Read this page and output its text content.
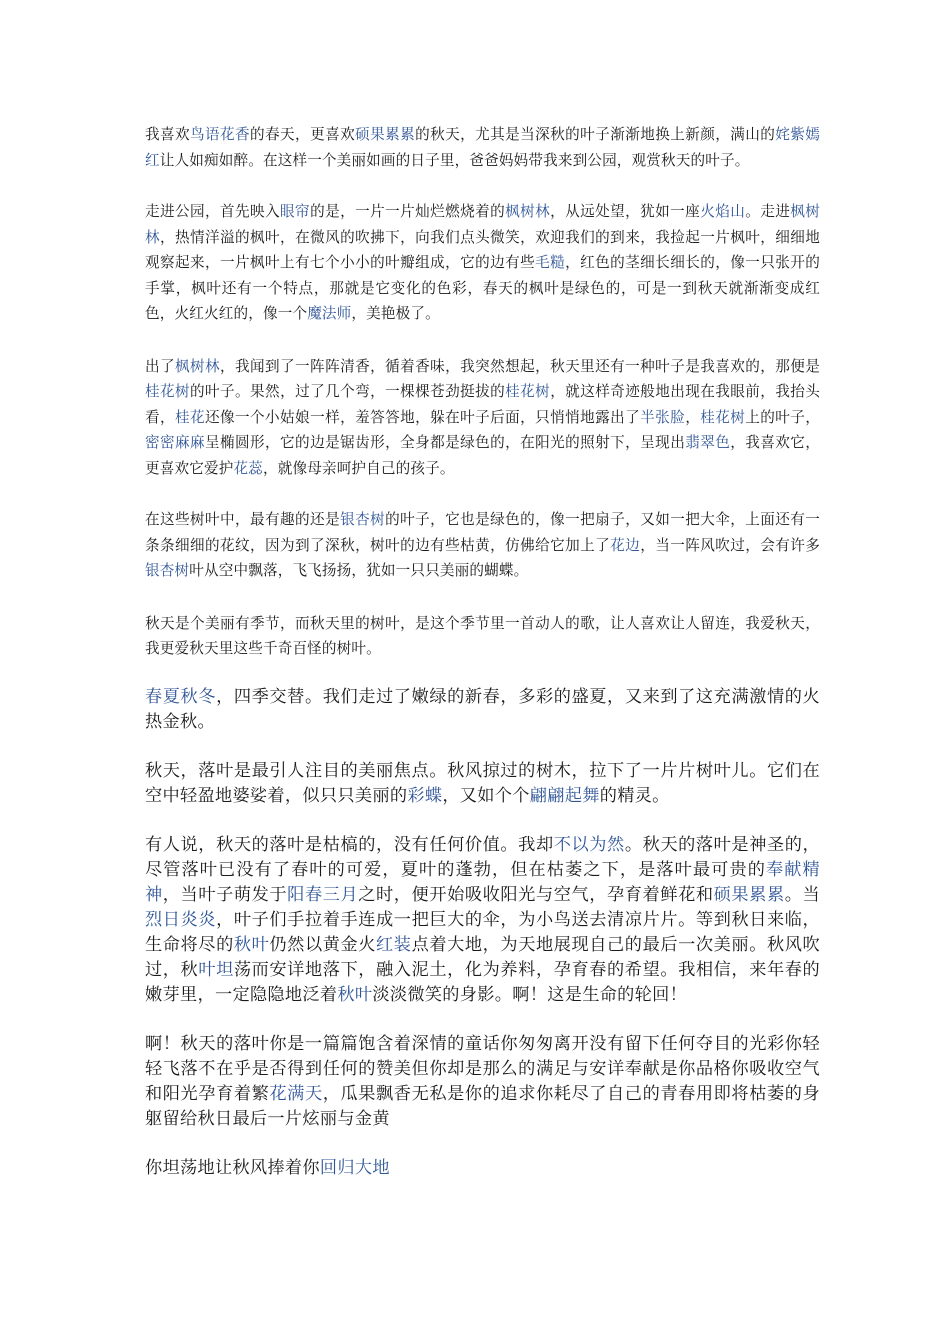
我喜欢鸟语花香的春天，更喜欢硕果累累的秋天，尤其是当深秋的叶子渐渐地换上新颜，满山的姹紫嫣红让人如痴如醉。在这样一个美丽如画的日子里，爸爸妈妈带我来到公园，观赏秋天的叶子。
走进公园，首先映入眼帘的是，一片一片灿烂燃烧着的枫树林，从远处望，犹如一座火焰山。走进枫树林，热情洋溢的枫叶，在微风的吹拂下，向我们点头微笑，欢迎我们的到来，我捡起一片枫叶，细细地观察起来，一片枫叶上有七个小小的叶瓣组成，它的边有些毛糙，红色的茎细长细长的，像一只张开的手掌，枫叶还有一个特点，那就是它变化的色彩，春天的枫叶是绿色的，可是一到秋天就渐渐变成红色，火红火红的，像一个魔法师，美艳极了。
出了枫树林，我闻到了一阵阵清香，循着香味，我突然想起，秋天里还有一种叶子是我喜欢的，那便是桂花树的叶子。果然，过了几个弯，一棵棵苍劲挺拔的桂花树，就这样奇迹般地出现在我眼前，我抬头看，桂花还像一个小姑娘一样，羞答答地，躲在叶子后面，只悄悄地露出了半张脸，桂花树上的叶子，密密麻麻呈椭圆形，它的边是锯齿形，全身都是绿色的，在阳光的照射下，呈现出翡翠色，我喜欢它，更喜欢它爱护花蕊，就像母亲呵护自己的孩子。
在这些树叶中，最有趣的还是银杏树的叶子，它也是绿色的，像一把扇子，又如一把大伞，上面还有一条条细细的花纹，因为到了深秋，树叶的边有些枯黄，仿佛给它加上了花边，当一阵风吹过，会有许多银杏树叶从空中飘落，飞飞扬扬，犹如一只只美丽的蝴蝶。
秋天是个美丽有季节，而秋天里的树叶，是这个季节里一首动人的歌，让人喜欢让人留连，我爱秋天，我更爱秋天里这些千奇百怪的树叶。
春夏秋冬，四季交替。我们走过了嫩绿的新春，多彩的盛夏，又来到了这充满激情的火热金秋。
秋天，落叶是最引人注目的美丽焦点。秋风掠过的树木，拉下了一片片树叶儿。它们在空中轻盈地婆娑着，似只只美丽的彩蝶，又如个个翩翩起舞的精灵。
有人说，秋天的落叶是枯槁的，没有任何价值。我却不以为然。秋天的落叶是神圣的，尽管落叶已没有了春叶的可爱，夏叶的蓬勃，但在枯萎之下，是落叶最可贵的奉献精神，当叶子萌发于阳春三月之时，便开始吸收阳光与空气，孕育着鲜花和硕果累累。当烈日炎炎，叶子们手拉着手连成一把巨大的伞，为小鸟送去清凉片片。等到秋日来临，生命将尽的秋叶仍然以黄金火红装点着大地，为天地展现自己的最后一次美丽。秋风吹过，秋叶坦荡而安详地落下，融入泥土，化为养料，孕育春的希望。我相信，来年春的嫩芽里，一定隐隐地泛着秋叶淡淡微笑的身影。啊！这是生命的轮回！
啊！秋天的落叶你是一篇篇饱含着深情的童话你匆匆离开没有留下任何夺目的光彩你轻轻飞落不在乎是否得到任何的赞美但你却是那么的满足与安详奉献是你品格你吸收空气和阳光孕育着繁花满天，瓜果飘香无私是你的追求你耗尽了自己的青春用即将枯萎的身躯留给秋日最后一片炫丽与金黄
你坦荡地让秋风捧着你回归大地
